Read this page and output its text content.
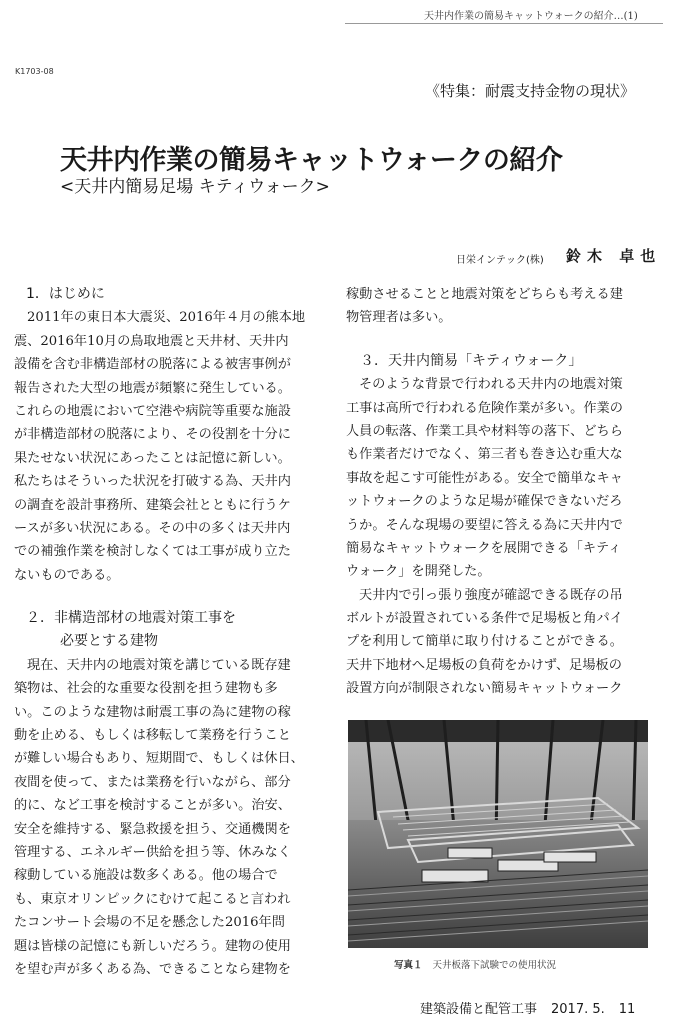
天井内作業の簡易キャットウォークの紹介…(1)
K1703-08
《特集：耐震支持金物の現状》
天井内作業の簡易キャットウォークの紹介
<天井内簡易足場 キティウォーク>
日栄インテック(株) 鈴木 卓也
1．はじめに
2011年の東日本大震災、2016年４月の熊本地
震、2016年10月の鳥取地震と天井材、天井内
設備を含む非構造部材の脱落による被害事例が
報告された大型の地震が頻繁に発生している。
これらの地震において空港や病院等重要な施設
が非構造部材の脱落により、その役割を十分に
果たせない状況にあったことは記憶に新しい。
私たちはそういった状況を打破する為、天井内
の調査を設計事務所、建築会社とともに行うケ
ースが多い状況にある。その中の多くは天井内
での補強作業を検討しなくては工事が成り立た
ないものである。
２．非構造部材の地震対策工事を
必要とする建物
現在、天井内の地震対策を講じている既存建
築物は、社会的な重要な役割を担う建物も多
い。このような建物は耐震工事の為に建物の稼
動を止める、もしくは移転して業務を行うこと
が難しい場合もあり、短期間で、もしくは休日、
夜間を使って、または業務を行いながら、部分
的に、など工事を検討することが多い。治安、
安全を維持する、緊急救援を担う、交通機関を
管理する、エネルギー供給を担う等、休みなく
稼動している施設は数多くある。他の場合で
も、東京オリンピックにむけて起こると言われ
たコンサート会場の不足を懸念した2016年問
題は皆様の記憶にも新しいだろう。建物の使用
を望む声が多くある為、できることなら建物を
稼動させることと地震対策をどちらも考える建
物管理者は多い。
３．天井内簡易「キティウォーク」
そのような背景で行われる天井内の地震対策
工事は高所で行われる危険作業が多い。作業の
人員の転落、作業工具や材料等の落下、どちら
も作業者だけでなく、第三者も巻き込む重大な
事故を起こす可能性がある。安全で簡単なキャ
ットウォークのような足場が確保できないだろ
うか。そんな現場の要望に答える為に天井内で
簡易なキャットウォークを展開できる「キティ
ウォーク」を開発した。
天井内で引っ張り強度が確認できる既存の吊
ボルトが設置されている条件で足場板と角パイ
プを利用して簡単に取り付けることができる。
天井下地材へ足場板の負荷をかけず、足場板の
設置方向が制限されない簡易キャットウォーク
写真１ 天井板落下試験での使用状況
建築設備と配管工事 2017. 5. 11
